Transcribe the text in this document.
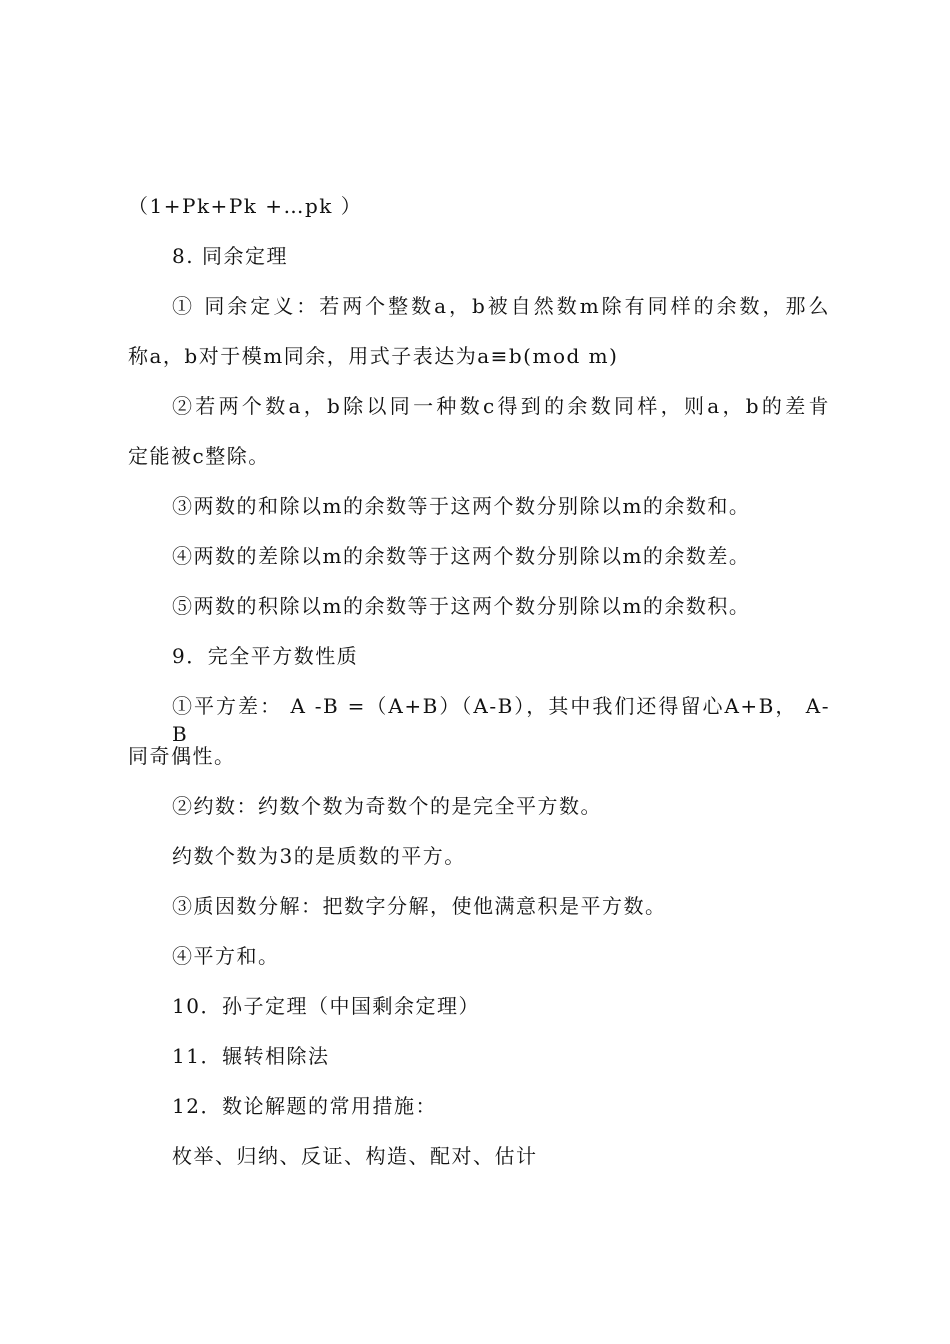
（1+Pk+Pk +…pk ）
8. 同余定理
① 同余定义：若两个整数a，b被自然数m除有同样的余数，那么
称a，b对于模m同余，用式子表达为a≡b(mod m)
②若两个数a，b除以同一种数c得到的余数同样，则a，b的差肯
定能被c整除。
③两数的和除以m的余数等于这两个数分别除以m的余数和。
④两数的差除以m的余数等于这两个数分别除以m的余数差。
⑤两数的积除以m的余数等于这两个数分别除以m的余数积。
9．完全平方数性质
①平方差： A -B =（A+B）（A-B），其中我们还得留心A+B， A-B
同奇偶性。
②约数：约数个数为奇数个的是完全平方数。
约数个数为3的是质数的平方。
③质因数分解：把数字分解，使他满意积是平方数。
④平方和。
10．孙子定理（中国剩余定理）
11．辗转相除法
12．数论解题的常用措施：
枚举、归纳、反证、构造、配对、估计
